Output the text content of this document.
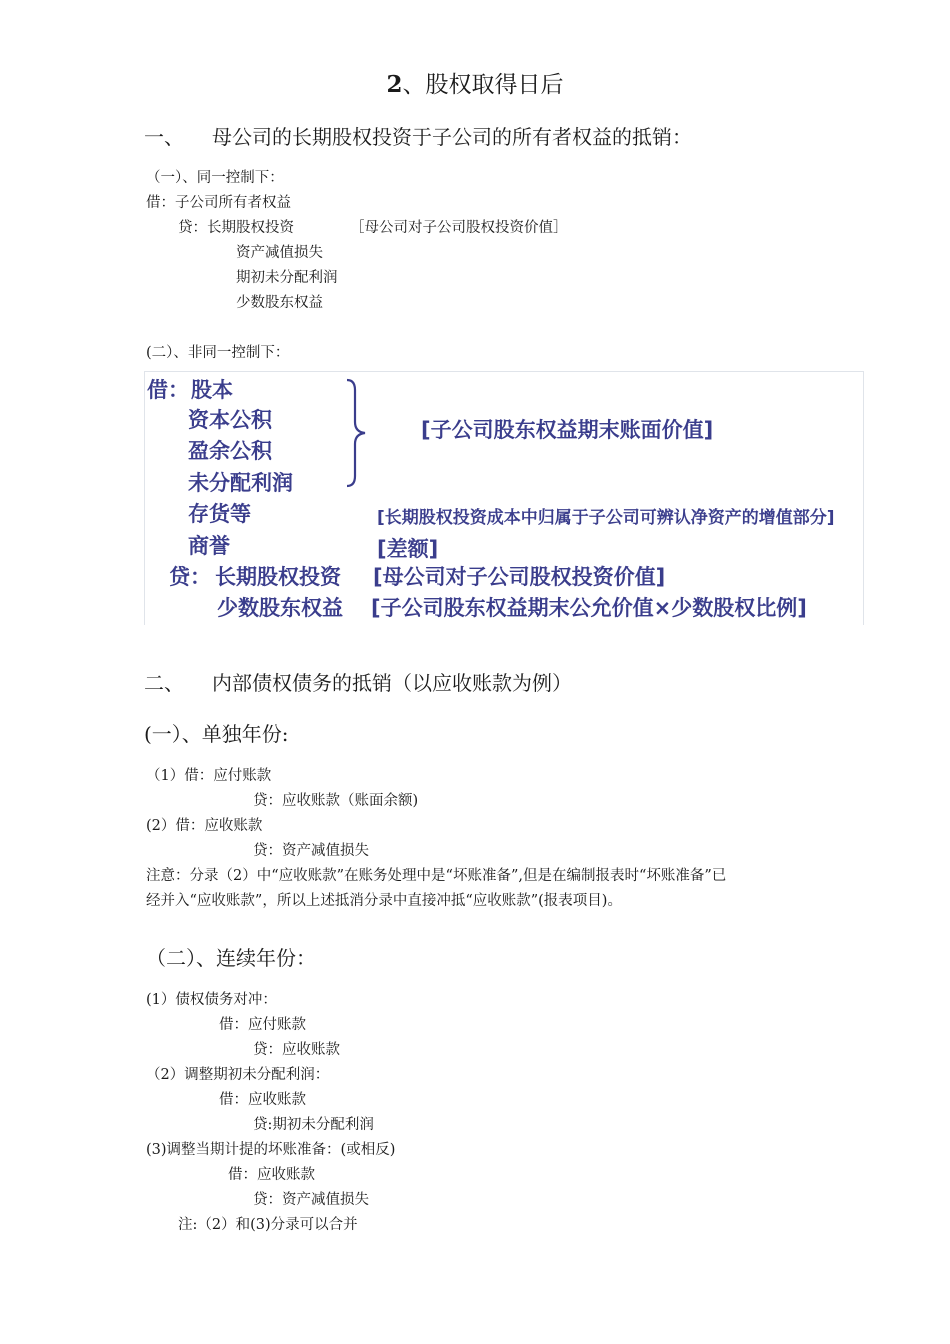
2、股权取得日后
一、 母公司的长期股权投资于子公司的所有者权益的抵销：
（一）、同一控制下：
借：子公司所有者权益
贷：长期股权投资	［母公司对子公司股权投资价值］
资产减值损失
期初未分配利润
少数股东权益
(二）、非同一控制下：
借： 股本
资本公积
盈余公积
未分配利润
[子公司股东权益期末账面价值]
存货等	[长期股权投资成本中归属于子公司可辨认净资产的增值部分]
商誉	[差额]
贷： 长期股权投资 [母公司对子公司股权投资价值]
少数股东权益 [子公司股东权益期末公允价值×少数股权比例]
二、 内部债权债务的抵销（以应收账款为例）
(一）、单独年份:
（1）借：应付账款
贷：应收账款（账面余额)
(2）借：应收账款
贷：资产减值损失
注意：分录（2）中“应收账款”在账务处理中是“坏账准备”,但是在编制报表时“坏账准备”已
经并入“应收账款”，所以上述抵消分录中直接冲抵“应收账款”(报表项目)。
（二）、连续年份：
(1）债权债务对冲：
借：应付账款
贷：应收账款
（2）调整期初未分配利润：
借：应收账款
贷:期初未分配利润
(3)调整当期计提的坏账准备：(或相反)
借：应收账款
贷：资产减值损失
注:（2）和(3)分录可以合并
